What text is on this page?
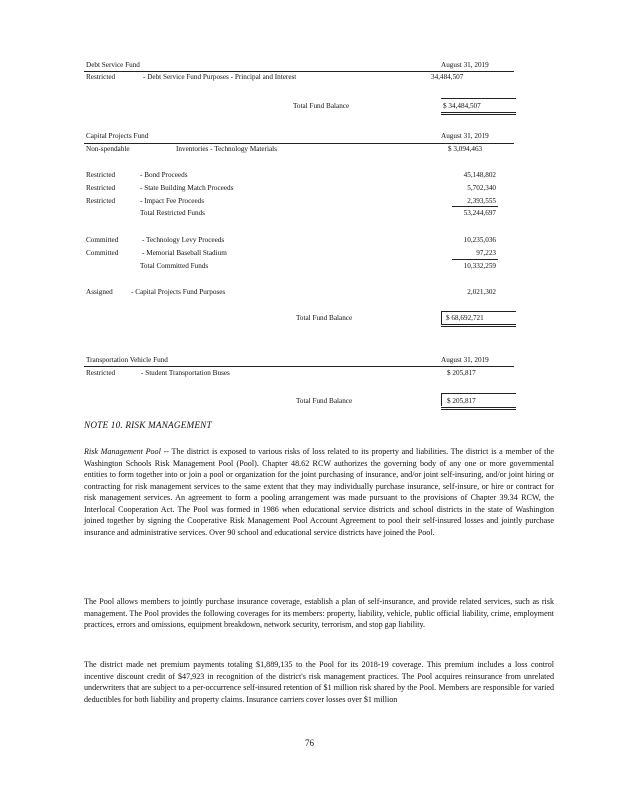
Debt Service Fund	August 31, 2019
Restricted	- Debt Service Fund Purposes - Principal and Interest	34,484,507
Total Fund Balance	$ 34,484,507
Capital Projects Fund	August 31, 2019
Non-spendable	Inventories - Technology Materials	$ 3,094,463
Restricted	- Bond Proceeds	45,148,802
Restricted	- State Building Match Proceeds	5,702,340
Restricted	- Impact Fee Proceeds	2,393,555
Total Restricted Funds	53,244,697
Committed	- Technology Levy Proceeds	10,235,036
Committed	- Memorial Baseball Stadium	97,223
Total Committed Funds	10,332,259
Assigned	- Capital Projects Fund Purposes	2,021,302
Total Fund Balance	$ 68,692,721
Transportation Vehicle Fund	August 31, 2019
Restricted	- Student Transportation Buses	$ 205,817
Total Fund Balance	$ 205,817
NOTE 10. RISK MANAGEMENT
Risk Management Pool -- The district is exposed to various risks of loss related to its property and liabilities. The district is a member of the Washington Schools Risk Management Pool (Pool). Chapter 48.62 RCW authorizes the governing body of any one or more governmental entities to form together into or join a pool or organization for the joint purchasing of insurance, and/or joint self-insuring, and/or joint hiring or contracting for risk management services to the same extent that they may individually purchase insurance, self-insure, or hire or contract for risk management services. An agreement to form a pooling arrangement was made pursuant to the provisions of Chapter 39.34 RCW, the Interlocal Cooperation Act. The Pool was formed in 1986 when educational service districts and school districts in the state of Washington joined together by signing the Cooperative Risk Management Pool Account Agreement to pool their self-insured losses and jointly purchase insurance and administrative services. Over 90 school and educational service districts have joined the Pool.
The Pool allows members to jointly purchase insurance coverage, establish a plan of self-insurance, and provide related services, such as risk management. The Pool provides the following coverages for its members: property, liability, vehicle, public official liability, crime, employment practices, errors and omissions, equipment breakdown, network security, terrorism, and stop gap liability.
The district made net premium payments totaling $1,889,135 to the Pool for its 2018-19 coverage. This premium includes a loss control incentive discount credit of $47,923 in recognition of the district's risk management practices. The Pool acquires reinsurance from unrelated underwriters that are subject to a per-occurrence self-insured retention of $1 million risk shared by the Pool. Members are responsible for varied deductibles for both liability and property claims. Insurance carriers cover losses over $1 million
76
